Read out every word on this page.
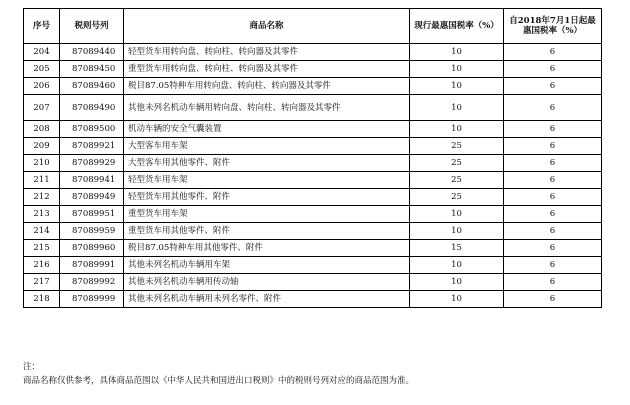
序号	税则号列	商品名称	现行最惠国税率（%）	自2018年7月1日起最惠国税率（%）
204	87089440	轻型货车用转向盘、转向柱、转向器及其零件	10	6
205	87089450	重型货车用转向盘、转向柱、转向器及其零件	10	6
206	87089460	税目87.05特种车用转向盘、转向柱、转向器及其零件	10	6
207	87089490	其他未列名机动车辆用转向盘、转向柱、转向器及其零件	10	6
208	87089500	机动车辆的安全气囊装置	10	6
209	87089921	大型客车用车架	25	6
210	87089929	大型客车用其他零件、附件	25	6
211	87089941	轻型货车用车架	25	6
212	87089949	轻型货车用其他零件、附件	25	6
213	87089951	重型货车用车架	10	6
214	87089959	重型货车用其他零件、附件	10	6
215	87089960	税目87.05特种车用其他零件、附件	15	6
216	87089991	其他未列名机动车辆用车架	10	6
217	87089992	其他未列名机动车辆用传动轴	10	6
218	87089999	其他未列名机动车辆用未列名零件、附件	10	6
注：
商品名称仅供参考，具体商品范围以《中华人民共和国进出口税则》中的税则号列对应的商品范围为准。
